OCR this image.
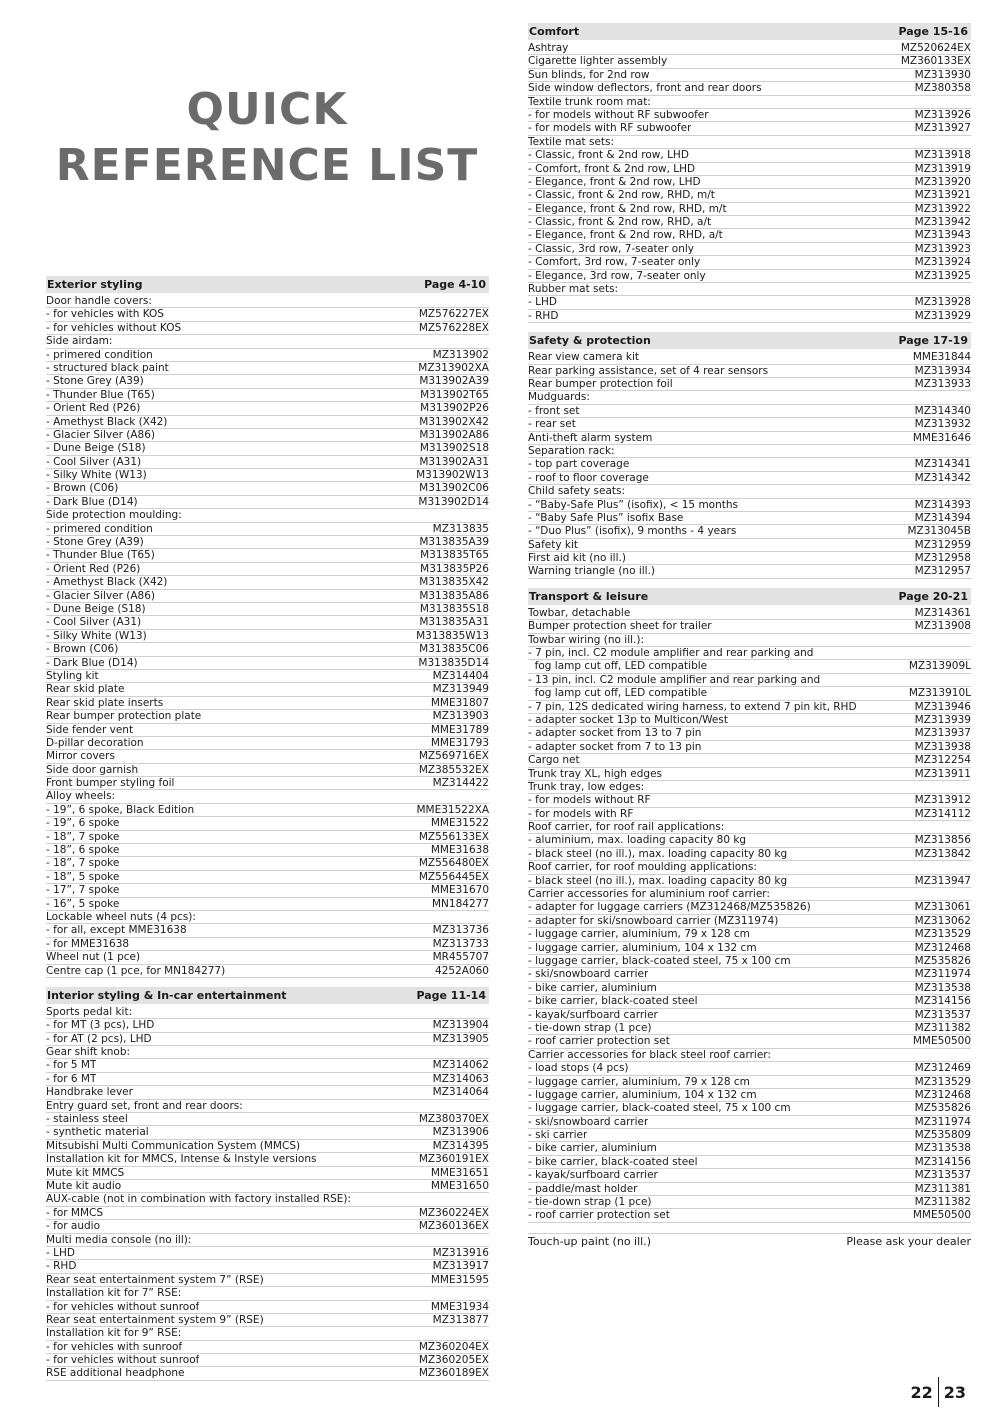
QUICK
REFERENCE LIST
Exterior styling	Page 4-10
Door handle covers:
- for vehicles with KOS	MZ576227EX
- for vehicles without KOS	MZ576228EX
Side airdam:
- primered condition	MZ313902
- structured black paint	MZ313902XA
- Stone Grey (A39)	M313902A39
- Thunder Blue (T65)	M313902T65
- Orient Red (P26)	M313902P26
- Amethyst Black (X42)	M313902X42
- Glacier Silver (A86)	M313902A86
- Dune Beige (S18)	M313902S18
- Cool Silver (A31)	M313902A31
- Silky White (W13)	M313902W13
- Brown (C06)	M313902C06
- Dark Blue (D14)	M313902D14
Side protection moulding:
- primered condition	MZ313835
- Stone Grey (A39)	M313835A39
- Thunder Blue (T65)	M313835T65
- Orient Red (P26)	M313835P26
- Amethyst Black (X42)	M313835X42
- Glacier Silver (A86)	M313835A86
- Dune Beige (S18)	M313835S18
- Cool Silver (A31)	M313835A31
- Silky White (W13)	M313835W13
- Brown (C06)	M313835C06
- Dark Blue (D14)	M313835D14
Styling kit	MZ314404
Rear skid plate	MZ313949
Rear skid plate inserts	MME31807
Rear bumper protection plate	MZ313903
Side fender vent	MME31789
D-pillar decoration	MME31793
Mirror covers	MZ569716EX
Side door garnish	MZ385532EX
Front bumper styling foil	MZ314422
Alloy wheels:
- 19”, 6 spoke, Black Edition	MME31522XA
- 19”, 6 spoke	MME31522
- 18”, 7 spoke	MZ556133EX
- 18”, 6 spoke	MME31638
- 18”, 7 spoke	MZ556480EX
- 18”, 5 spoke	MZ556445EX
- 17”, 7 spoke	MME31670
- 16”, 5 spoke	MN184277
Lockable wheel nuts (4 pcs):
- for all, except MME31638	MZ313736
- for MME31638	MZ313733
Wheel nut (1 pce)	MR455707
Centre cap (1 pce, for MN184277)	4252A060
Interior styling & In-car entertainment	Page 11-14
Sports pedal kit:
- for MT (3 pcs), LHD	MZ313904
- for AT (2 pcs), LHD	MZ313905
Gear shift knob:
- for 5 MT	MZ314062
- for 6 MT	MZ314063
Handbrake lever	MZ314064
Entry guard set, front and rear doors:
- stainless steel	MZ380370EX
- synthetic material	MZ313906
Mitsubishi Multi Communication System (MMCS)	MZ314395
Installation kit for MMCS, Intense & Instyle versions	MZ360191EX
Mute kit MMCS	MME31651
Mute kit audio	MME31650
AUX-cable (not in combination with factory installed RSE):
- for MMCS	MZ360224EX
- for audio	MZ360136EX
Multi media console (no ill):
- LHD	MZ313916
- RHD	MZ313917
Rear seat entertainment system 7” (RSE)	MME31595
Installation kit for 7” RSE:
- for vehicles without sunroof	MME31934
Rear seat entertainment system 9” (RSE)	MZ313877
Installation kit for 9” RSE:
- for vehicles with sunroof	MZ360204EX
- for vehicles without sunroof	MZ360205EX
RSE additional headphone	MZ360189EX
Comfort	Page 15-16
Ashtray	MZ520624EX
Cigarette lighter assembly	MZ360133EX
Sun blinds, for 2nd row	MZ313930
Side window deflectors, front and rear doors	MZ380358
Textile trunk room mat:
- for models without RF subwoofer	MZ313926
- for models with RF subwoofer	MZ313927
Textile mat sets:
- Classic, front & 2nd row, LHD	MZ313918
- Comfort, front & 2nd row, LHD	MZ313919
- Elegance, front & 2nd row, LHD	MZ313920
- Classic, front & 2nd row, RHD, m/t	MZ313921
- Elegance, front & 2nd row, RHD, m/t	MZ313922
- Classic, front & 2nd row, RHD, a/t	MZ313942
- Elegance, front & 2nd row, RHD, a/t	MZ313943
- Classic, 3rd row, 7-seater only	MZ313923
- Comfort, 3rd row, 7-seater only	MZ313924
- Elegance, 3rd row, 7-seater only	MZ313925
Rubber mat sets:
- LHD	MZ313928
- RHD	MZ313929
Safety & protection	Page 17-19
Rear view camera kit	MME31844
Rear parking assistance, set of 4 rear sensors	MZ313934
Rear bumper protection foil	MZ313933
Mudguards:
- front set	MZ314340
- rear set	MZ313932
Anti-theft alarm system	MME31646
Separation rack:
- top part coverage	MZ314341
- roof to floor coverage	MZ314342
Child safety seats:
- “Baby-Safe Plus” (isofix), < 15 months	MZ314393
- “Baby Safe Plus” isofix Base	MZ314394
- “Duo Plus” (isofix), 9 months - 4 years	MZ313045B
Safety kit	MZ312959
First aid kit (no ill.)	MZ312958
Warning triangle (no ill.)	MZ312957
Transport & leisure	Page 20-21
Towbar, detachable	MZ314361
Bumper protection sheet for trailer	MZ313908
Towbar wiring (no ill.):
- 7 pin, incl. C2 module amplifier and rear parking and
fog lamp cut off, LED compatible	MZ313909L
- 13 pin, incl. C2 module amplifier and rear parking and
fog lamp cut off, LED compatible	MZ313910L
- 7 pin, 12S dedicated wiring harness, to extend 7 pin kit, RHD	MZ313946
- adapter socket 13p to Multicon/West	MZ313939
- adapter socket from 13 to 7 pin	MZ313937
- adapter socket from 7 to 13 pin	MZ313938
Cargo net	MZ312254
Trunk tray XL, high edges	MZ313911
Trunk tray, low edges:
- for models without RF	MZ313912
- for models with RF	MZ314112
Roof carrier, for roof rail applications:
- aluminium, max. loading capacity 80 kg	MZ313856
- black steel (no ill.), max. loading capacity 80 kg	MZ313842
Roof carrier, for roof moulding applications:
- black steel (no ill.), max. loading capacity 80 kg	MZ313947
Carrier accessories for aluminium roof carrier:
- adapter for luggage carriers (MZ312468/MZ535826)	MZ313061
- adapter for ski/snowboard carrier (MZ311974)	MZ313062
- luggage carrier, aluminium, 79 x 128 cm	MZ313529
- luggage carrier, aluminium, 104 x 132 cm	MZ312468
- luggage carrier, black-coated steel, 75 x 100 cm	MZ535826
- ski/snowboard carrier	MZ311974
- bike carrier, aluminium	MZ313538
- bike carrier, black-coated steel	MZ314156
- kayak/surfboard carrier	MZ313537
- tie-down strap (1 pce)	MZ311382
- roof carrier protection set	MME50500
Carrier accessories for black steel roof carrier:
- load stops (4 pcs)	MZ312469
- luggage carrier, aluminium, 79 x 128 cm	MZ313529
- luggage carrier, aluminium, 104 x 132 cm	MZ312468
- luggage carrier, black-coated steel, 75 x 100 cm	MZ535826
- ski/snowboard carrier	MZ311974
- ski carrier	MZ535809
- bike carrier, aluminium	MZ313538
- bike carrier, black-coated steel	MZ314156
- kayak/surfboard carrier	MZ313537
- paddle/mast holder	MZ311381
- tie-down strap (1 pce)	MZ311382
- roof carrier protection set	MME50500
Touch-up paint (no ill.)	Please ask your dealer
22 23
